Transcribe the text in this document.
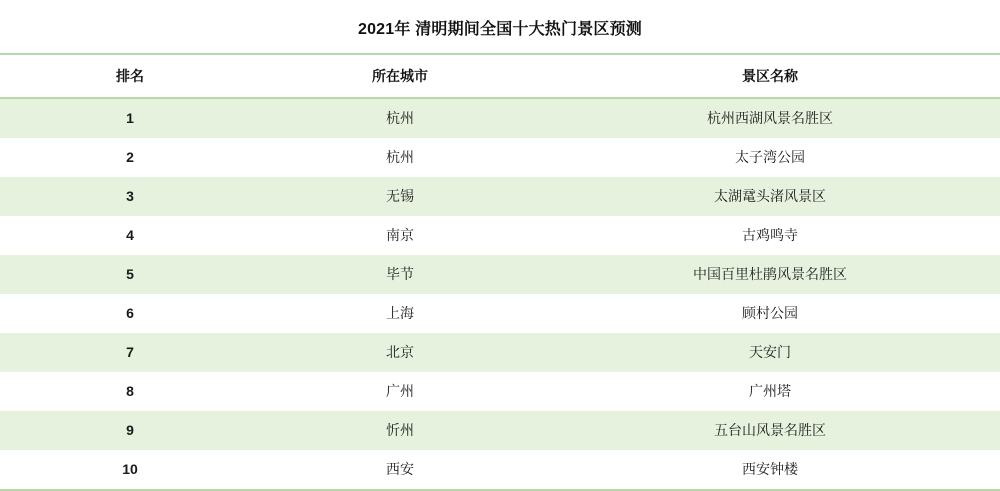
2021年 清明期间全国十大热门景区预测
排名	所在城市	景区名称
1	杭州	杭州西湖风景名胜区
2	杭州	太子湾公园
3	无锡	太湖鼋头渚风景区
4	南京	古鸡鸣寺
5	毕节	中国百里杜鹃风景名胜区
6	上海	顾村公园
7	北京	天安门
8	广州	广州塔
9	忻州	五台山风景名胜区
10	西安	西安钟楼
